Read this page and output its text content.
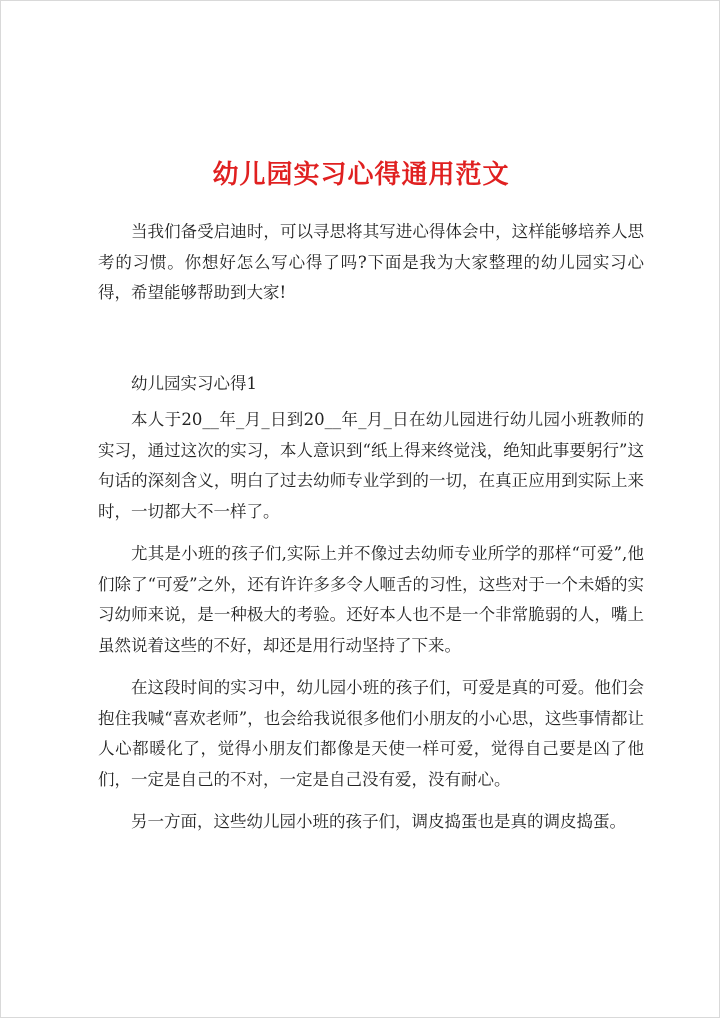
幼儿园实习心得通用范文

当我们备受启迪时，可以寻思将其写进心得体会中，这样能够培养人思考的习惯。你想好怎么写心得了吗?下面是我为大家整理的幼儿园实习心得，希望能够帮助到大家!

幼儿园实习心得1

本人于20__年_月_日到20__年_月_日在幼儿园进行幼儿园小班教师的实习，通过这次的实习，本人意识到“纸上得来终觉浅，绝知此事要躬行”这句话的深刻含义，明白了过去幼师专业学到的一切，在真正应用到实际上来时，一切都大不一样了。

尤其是小班的孩子们,实际上并不像过去幼师专业所学的那样“可爱”,他们除了“可爱”之外，还有许许多多令人咂舌的习性，这些对于一个未婚的实习幼师来说，是一种极大的考验。还好本人也不是一个非常脆弱的人，嘴上虽然说着这些的不好，却还是用行动坚持了下来。

在这段时间的实习中，幼儿园小班的孩子们，可爱是真的可爱。他们会抱住我喊“喜欢老师”，也会给我说很多他们小朋友的小心思，这些事情都让人心都暖化了，觉得小朋友们都像是天使一样可爱，觉得自己要是凶了他们，一定是自己的不对，一定是自己没有爱，没有耐心。

另一方面，这些幼儿园小班的孩子们，调皮捣蛋也是真的调皮捣蛋。
